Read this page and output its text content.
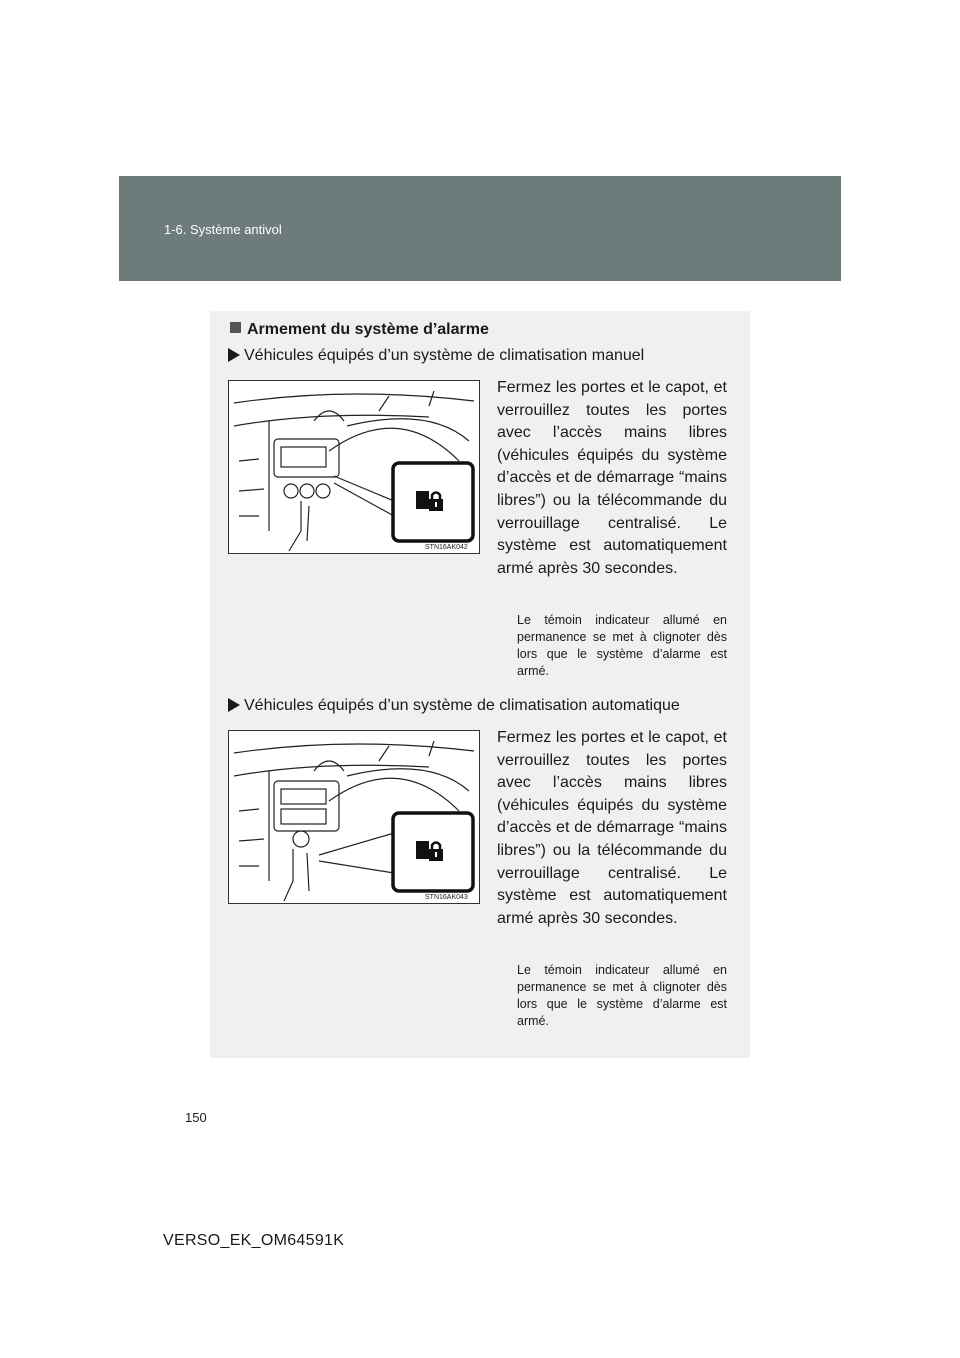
1-6. Système antivol
Armement du système d’alarme
Véhicules équipés d’un système de climatisation manuel
STN16AK042

Fermez les portes et le capot, et verrouillez toutes les portes avec l’accès mains libres (véhicules équipés du système d’accès et de démarrage “mains libres”) ou la télécommande du verrouillage centralisé. Le système est automatiquement armé après 30 secondes.

Le témoin indicateur allumé en permanence se met à clignoter dès lors que le système d’alarme est armé.

Véhicules équipés d’un système de climatisation automatique
STN16AK043

Fermez les portes et le capot, et verrouillez toutes les portes avec l’accès mains libres (véhicules équipés du système d’accès et de démarrage “mains libres”) ou la télécommande du verrouillage centralisé. Le système est automatiquement armé après 30 secondes.

Le témoin indicateur allumé en permanence se met à clignoter dès lors que le système d’alarme est armé.

150
VERSO_EK_OM64591K
